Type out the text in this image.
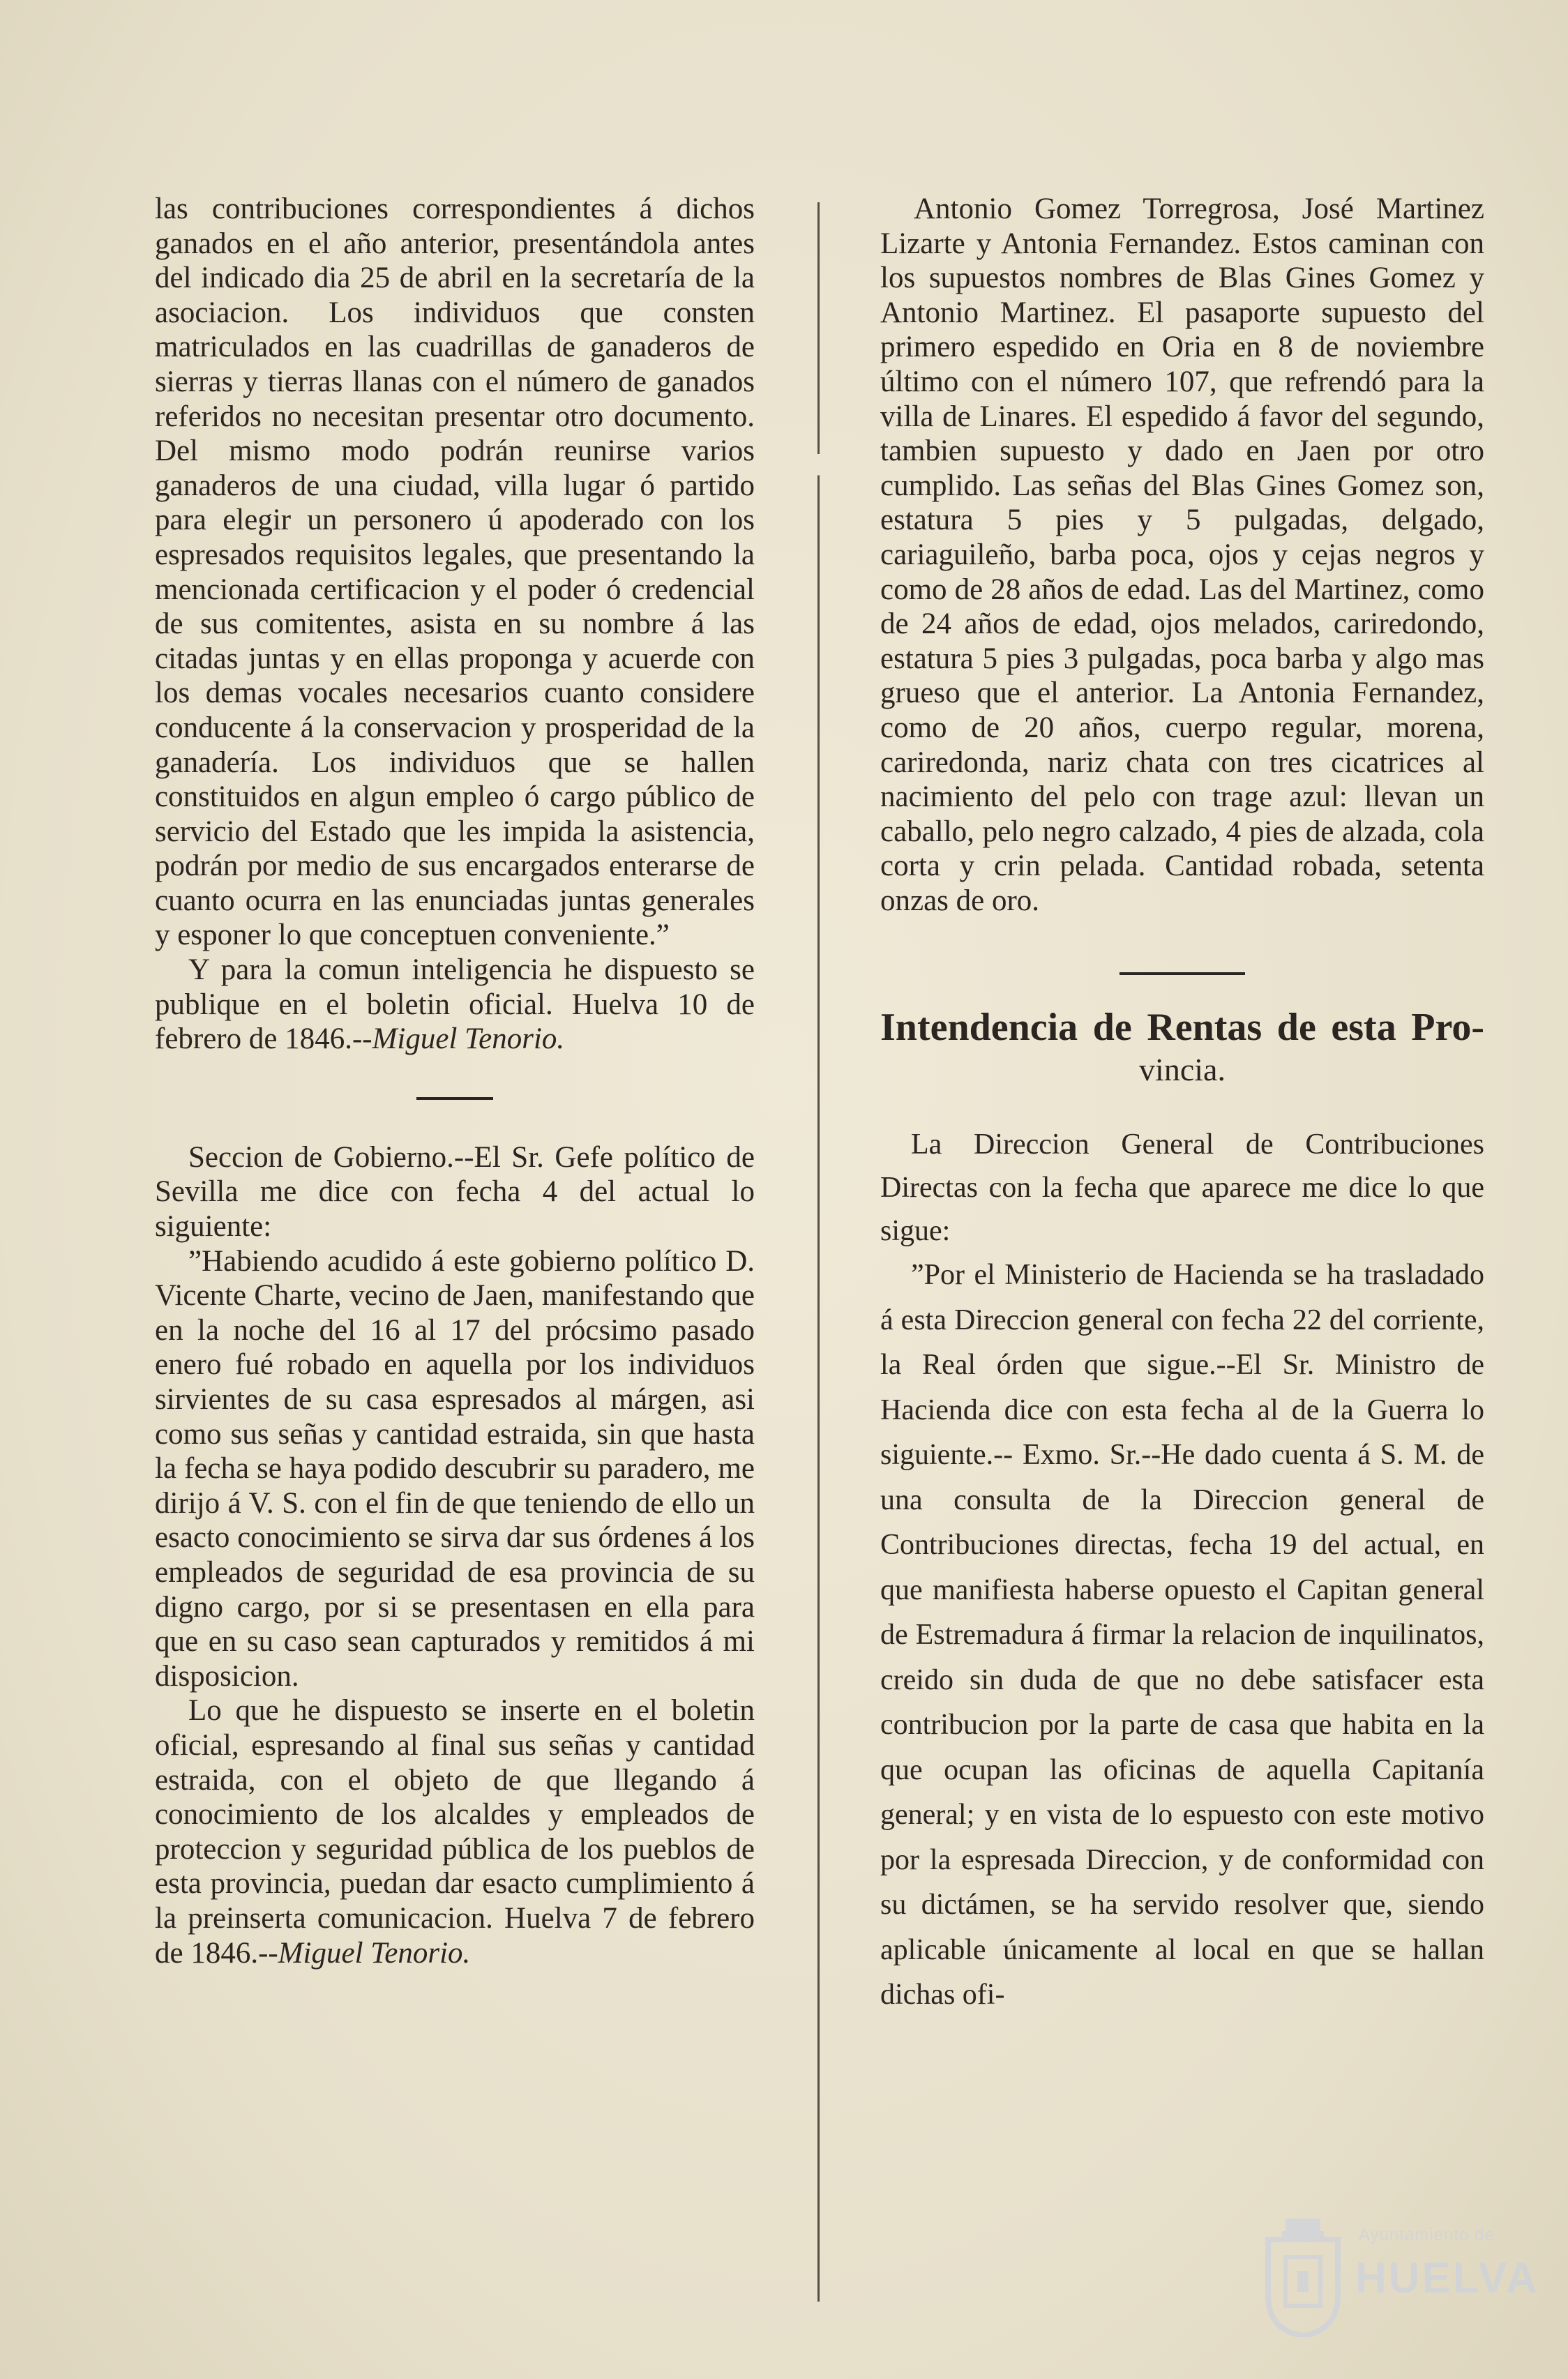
las contribuciones correspondientes á dichos ganados en el año anterior, presentándola antes del indicado dia 25 de abril en la secretaría de la asociacion. Los individuos que consten matriculados en las cuadrillas de ganaderos de sierras y tierras llanas con el número de ganados referidos no necesitan presentar otro documento. Del mismo modo podrán reunirse varios ganaderos de una ciudad, villa lugar ó partido para elegir un personero ú apoderado con los espresados requisitos legales, que presentando la mencionada certificacion y el poder ó credencial de sus comitentes, asista en su nombre á las citadas juntas y en ellas proponga y acuerde con los demas vocales necesarios cuanto considere conducente á la conservacion y prosperidad de la ganadería. Los individuos que se hallen constituidos en algun empleo ó cargo público de servicio del Estado que les impida la asistencia, podrán por medio de sus encargados enterarse de cuanto ocurra en las enunciadas juntas generales y esponer lo que conceptuen conveniente.”

Y para la comun inteligencia he dispuesto se publique en el boletin oficial. Huelva 10 de febrero de 1846.--Miguel Tenorio.

Seccion de Gobierno.--El Sr. Gefe político de Sevilla me dice con fecha 4 del actual lo siguiente:

”Habiendo acudido á este gobierno político D. Vicente Charte, vecino de Jaen, manifestando que en la noche del 16 al 17 del prócsimo pasado enero fué robado en aquella por los individuos sirvientes de su casa espresados al márgen, asi como sus señas y cantidad estraida, sin que hasta la fecha se haya podido descubrir su paradero, me dirijo á V. S. con el fin de que teniendo de ello un esacto conocimiento se sirva dar sus órdenes á los empleados de seguridad de esa provincia de su digno cargo, por si se presentasen en ella para que en su caso sean capturados y remitidos á mi disposicion.

Lo que he dispuesto se inserte en el boletin oficial, espresando al final sus señas y cantidad estraida, con el objeto de que llegando á conocimiento de los alcaldes y empleados de proteccion y seguridad pública de los pueblos de esta provincia, puedan dar esacto cumplimiento á la preinserta comunicacion. Huelva 7 de febrero de 1846.--Miguel Tenorio.

Antonio Gomez Torregrosa, José Martinez Lizarte y Antonia Fernandez. Estos caminan con los supuestos nombres de Blas Gines Gomez y Antonio Martinez. El pasaporte supuesto del primero espedido en Oria en 8 de noviembre último con el número 107, que refrendó para la villa de Linares. El espedido á favor del segundo, tambien supuesto y dado en Jaen por otro cumplido. Las señas del Blas Gines Gomez son, estatura 5 pies y 5 pulgadas, delgado, cariaguileño, barba poca, ojos y cejas negros y como de 28 años de edad. Las del Martinez, como de 24 años de edad, ojos melados, cariredondo, estatura 5 pies 3 pulgadas, poca barba y algo mas grueso que el anterior. La Antonia Fernandez, como de 20 años, cuerpo regular, morena, cariredonda, nariz chata con tres cicatrices al nacimiento del pelo con trage azul: llevan un caballo, pelo negro calzado, 4 pies de alzada, cola corta y crin pelada. Cantidad robada, setenta onzas de oro.

Intendencia de Rentas de esta Pro-
vincia.

La Direccion General de Contribuciones Directas con la fecha que aparece me dice lo que sigue:

”Por el Ministerio de Hacienda se ha trasladado á esta Direccion general con fecha 22 del corriente, la Real órden que sigue.--El Sr. Ministro de Hacienda dice con esta fecha al de la Guerra lo siguiente.-- Exmo. Sr.--He dado cuenta á S. M. de una consulta de la Direccion general de Contribuciones directas, fecha 19 del actual, en que manifiesta haberse opuesto el Capitan general de Estremadura á firmar la relacion de inquilinatos, creido sin duda de que no debe satisfacer esta contribucion por la parte de casa que habita en la que ocupan las oficinas de aquella Capitanía general; y en vista de lo espuesto con este motivo por la espresada Direccion, y de conformidad con su dictámen, se ha servido resolver que, siendo aplicable únicamente al local en que se hallan dichas ofi-

Ayuntamiento de
HUELVA
